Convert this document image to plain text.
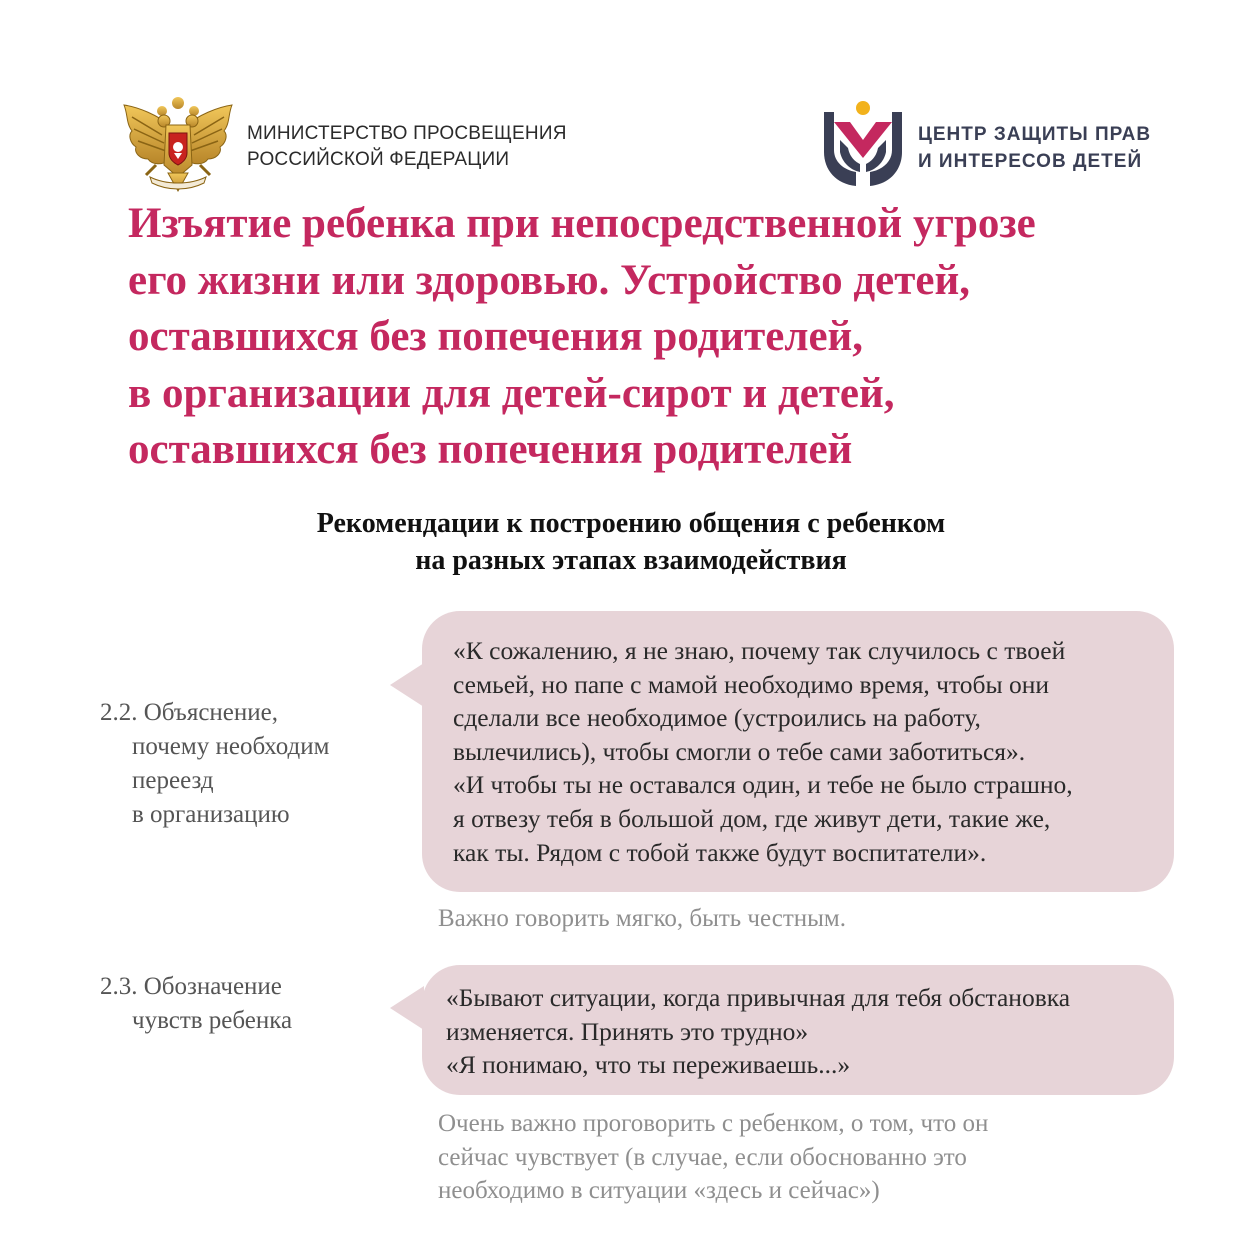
МИНИСТЕРСТВО ПРОСВЕЩЕНИЯ
РОССИЙСКОЙ ФЕДЕРАЦИИ
ЦЕНТР ЗАЩИТЫ ПРАВ
И ИНТЕРЕСОВ ДЕТЕЙ
Изъятие ребенка при непосредственной угрозе
его жизни или здоровью. Устройство детей,
оставшихся без попечения родителей,
в организации для детей-сирот и детей,
оставшихся без попечения родителей
Рекомендации к построению общения с ребенком
на разных этапах взаимодействия
2.2. Объяснение,
почему необходим
переезд
в организацию
«К сожалению, я не знаю, почему так случилось с твоей
семьей, но папе с мамой необходимо время, чтобы они
сделали все необходимое (устроились на работу,
вылечились), чтобы смогли о тебе сами заботиться».
«И чтобы ты не оставался один, и тебе не было страшно,
я отвезу тебя в большой дом, где живут дети, такие же,
как ты. Рядом с тобой также будут воспитатели».
Важно говорить мягко, быть честным.
2.3. Обозначение
чувств ребенка
«Бывают ситуации, когда привычная для тебя обстановка
изменяется. Принять это трудно»
«Я понимаю, что ты переживаешь...»
Очень важно проговорить с ребенком, о том, что он
сейчас чувствует (в случае, если обоснованно это
необходимо в ситуации «здесь и сейчас»)
